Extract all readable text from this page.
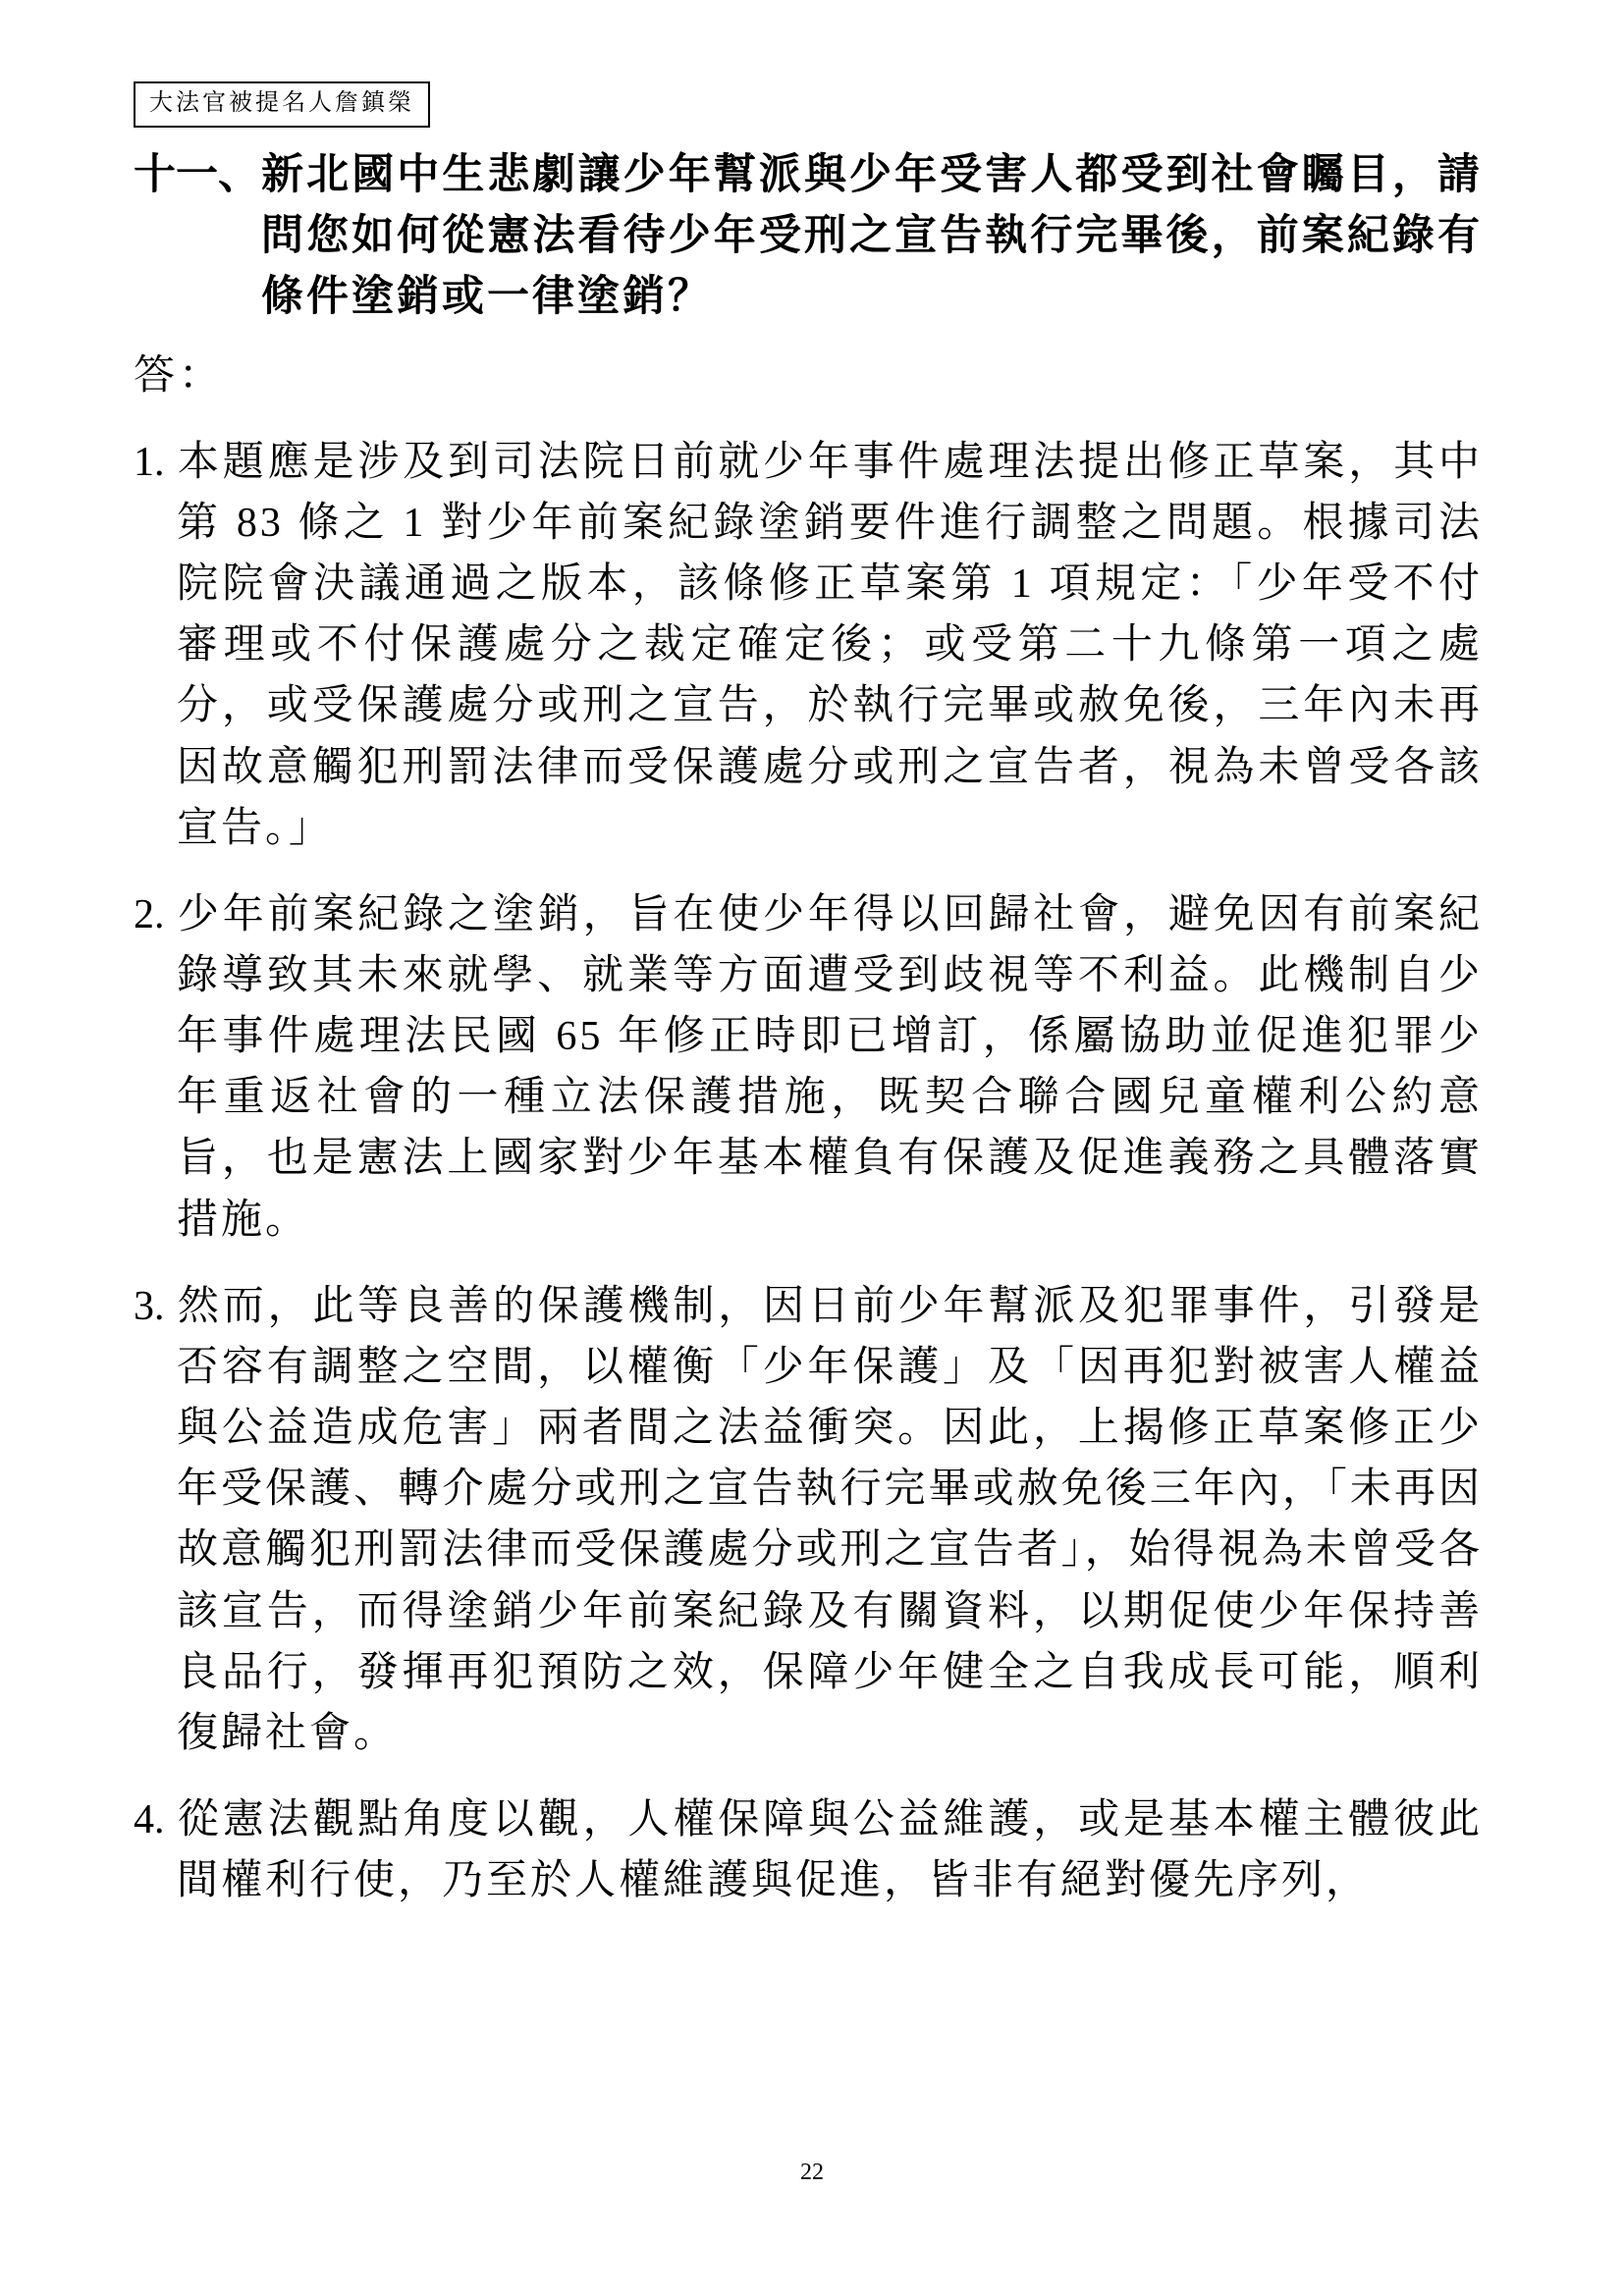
大法官被提名人詹鎮榮
十一、新北國中生悲劇讓少年幫派與少年受害人都受到社會矚目，請問您如何從憲法看待少年受刑之宣告執行完畢後，前案紀錄有條件塗銷或一律塗銷？
答：
1. 本題應是涉及到司法院日前就少年事件處理法提出修正草案，其中第 83 條之 1 對少年前案紀錄塗銷要件進行調整之問題。根據司法院院會決議通過之版本，該條修正草案第 1 項規定：「少年受不付審理或不付保護處分之裁定確定後；或受第二十九條第一項之處分，或受保護處分或刑之宣告，於執行完畢或赦免後，三年內未再因故意觸犯刑罰法律而受保護處分或刑之宣告者，視為未曾受各該宣告。」
2. 少年前案紀錄之塗銷，旨在使少年得以回歸社會，避免因有前案紀錄導致其未來就學、就業等方面遭受到歧視等不利益。此機制自少年事件處理法民國 65 年修正時即已增訂，係屬協助並促進犯罪少年重返社會的一種立法保護措施，既契合聯合國兒童權利公約意旨，也是憲法上國家對少年基本權負有保護及促進義務之具體落實措施。
3. 然而，此等良善的保護機制，因日前少年幫派及犯罪事件，引發是否容有調整之空間，以權衡「少年保護」及「因再犯對被害人權益與公益造成危害」兩者間之法益衝突。因此，上揭修正草案修正少年受保護、轉介處分或刑之宣告執行完畢或赦免後三年內，「未再因故意觸犯刑罰法律而受保護處分或刑之宣告者」，始得視為未曾受各該宣告，而得塗銷少年前案紀錄及有關資料，以期促使少年保持善良品行，發揮再犯預防之效，保障少年健全之自我成長可能，順利復歸社會。
4. 從憲法觀點角度以觀，人權保障與公益維護，或是基本權主體彼此間權利行使，乃至於人權維護與促進，皆非有絕對優先序列，
22
